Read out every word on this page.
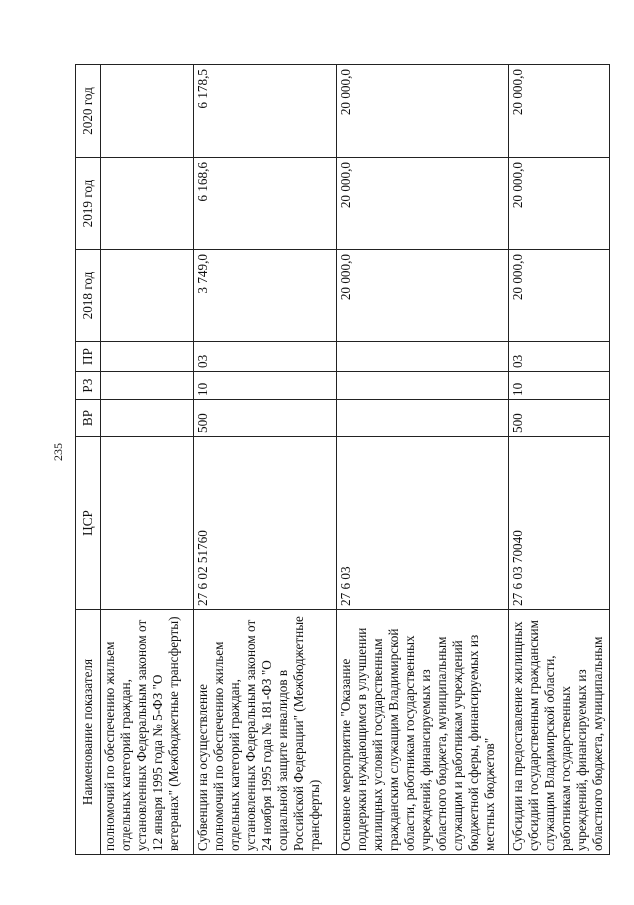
235
Наименование показателя	ЦСР	ВР	РЗ	ПР	2018 год	2019 год	2020 год
полномочий по обеспечению жильем отдельных категорий граждан, установленных Федеральным законом от 12 января 1995 года № 5-ФЗ "О ветеранах" (Межбюджетные трансферты)							
Субвенции на осуществление полномочий по обеспечению жильем отдельных категорий граждан, установленных Федеральным законом от 24 ноября 1995 года № 181-ФЗ "О социальной защите инвалидов в Российской Федерации" (Межбюджетные трансферты)	27 6 02 51760	500	10	03	3 749,0	6 168,6	6 178,5
Основное мероприятие "Оказание поддержки нуждающимся в улучшении жилищных условий государственным гражданским служащим Владимирской области, работникам государственных учреждений, финансируемых из областного бюджета, муниципальным служащим и работникам учреждений бюджетной сферы, финансируемых из местных бюджетов"	27 6 03				20 000,0	20 000,0	20 000,0
Субсидии на предоставление жилищных субсидий государственным гражданским служащим Владимирской области, работникам государственных учреждений, финансируемых из областного бюджета, муниципальным	27 6 03 70040	500	10	03	20 000,0	20 000,0	20 000,0
